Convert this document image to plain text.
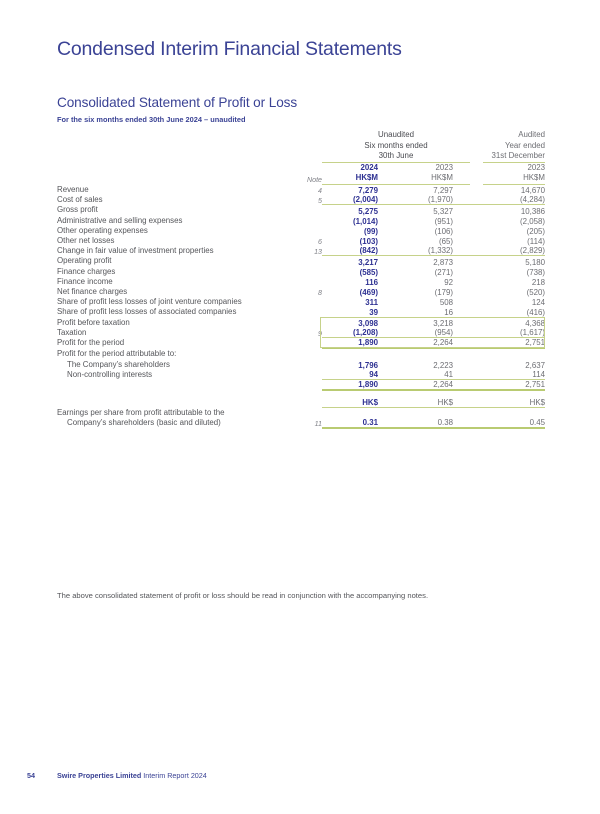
Condensed Interim Financial Statements
Consolidated Statement of Profit or Loss
For the six months ended 30th June 2024 – unaudited

Unaudited
Six months ended
30th June

Audited
Year ended
31st December

	Note	
2024
HK$M

2023
HK$M

2023
HK$M

Revenue	4	7,279	7,297		14,670
Cost of sales	5	(2,004)	(1,970)		(4,284)

Gross profit		5,275	5,327		10,386
Administrative and selling expenses		(1,014)	(951)		(2,058)
Other operating expenses		(99)	(106)		(205)
Other net losses	6	(103)	(65)		(114)
Change in fair value of investment properties	13	(842)	(1,332)		(2,829)

Operating profit		3,217	2,873		5,180
Finance charges		(585)	(271)		(738)
Finance income		116	92		218
Net finance charges	8	(469)	(179)		(520)
Share of profit less losses of joint venture companies		311	508		124
Share of profit less losses of associated companies		39	16		(416)

Profit before taxation		3,098	3,218		4,368
Taxation	9	(1,208)	(954)		(1,617)

Profit for the period		1,890	2,264		2,751

Profit for the period attributable to:					
The Company’s shareholders		1,796	2,223		2,637
Non-controlling interests		94	41		114

		1,890	2,264		2,751

		HK$	HK$		HK$

Earnings per share from profit attributable to the
Company’s shareholders (basic and diluted)	11	0.31	0.38		0.45

The above consolidated statement of profit or loss should be read in conjunction with the accompanying notes.
54	Swire Properties Limited Interim Report 2024
